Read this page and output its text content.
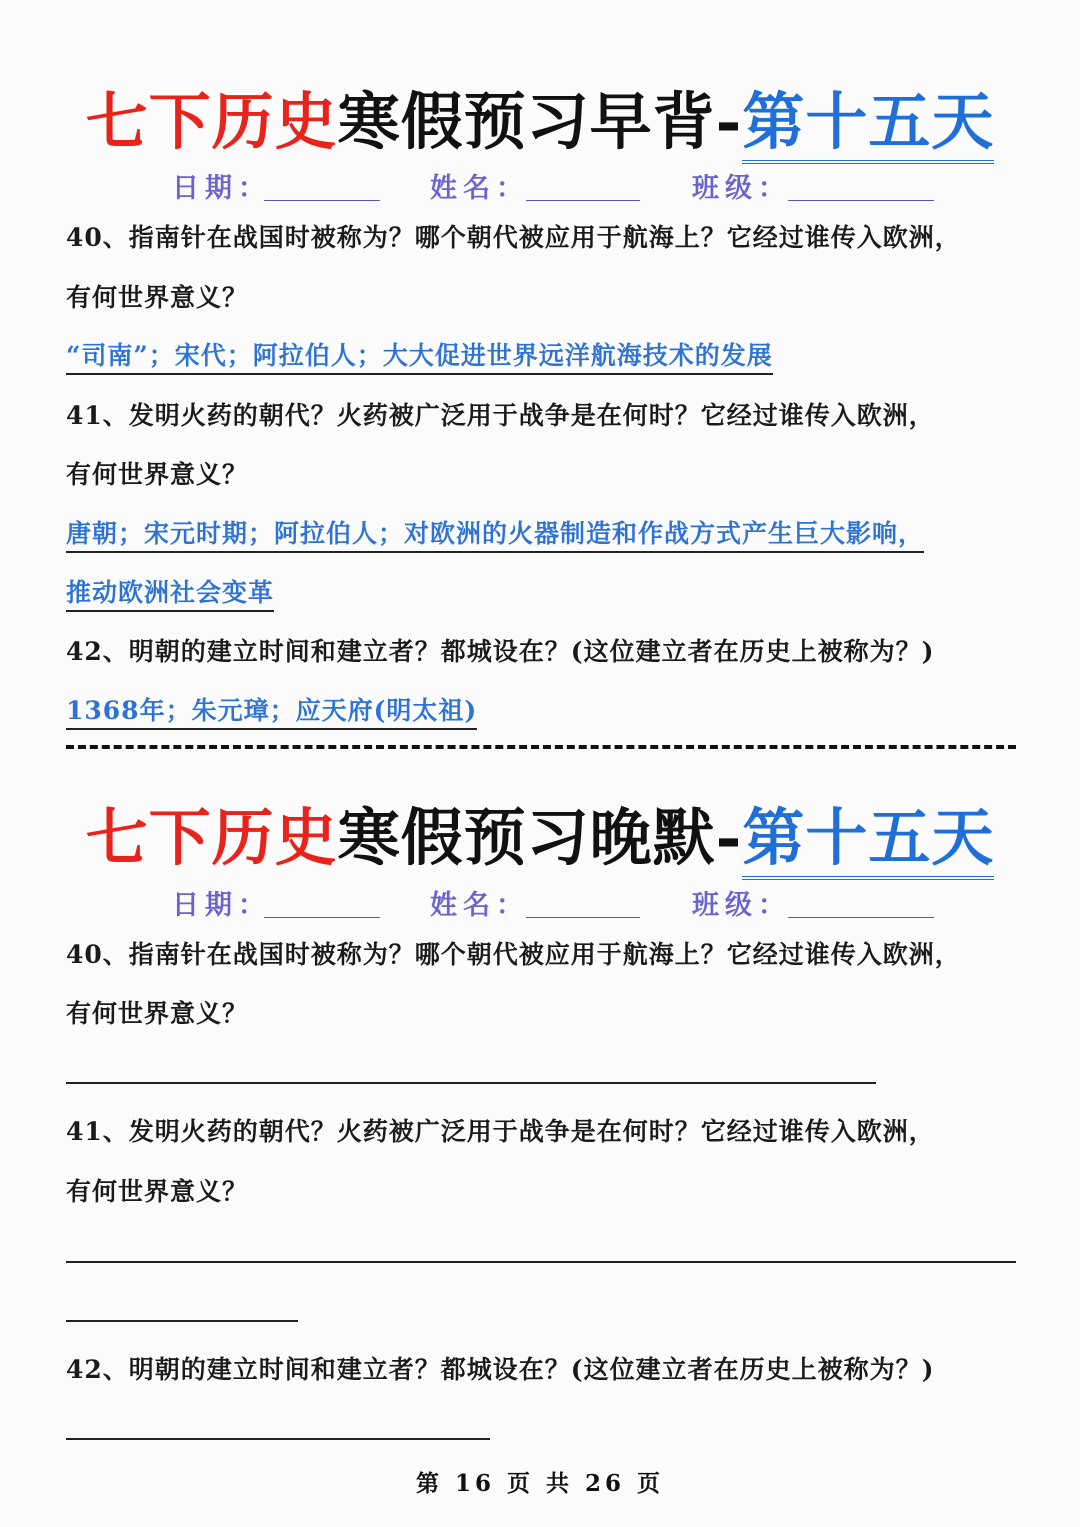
七下历史寒假预习早背-第十五天
日期：	姓名：	班级：
40、指南针在战国时被称为？哪个朝代被应用于航海上？它经过谁传入欧洲，
有何世界意义？
“司南”；宋代；阿拉伯人；大大促进世界远洋航海技术的发展
41、发明火药的朝代？火药被广泛用于战争是在何时？它经过谁传入欧洲，
有何世界意义？
唐朝；宋元时期；阿拉伯人；对欧洲的火器制造和作战方式产生巨大影响，
推动欧洲社会变革
42、明朝的建立时间和建立者？都城设在？(这位建立者在历史上被称为？)
1368年；朱元璋；应天府(明太祖)
七下历史寒假预习晚默-第十五天
日期：	姓名：	班级：
40、指南针在战国时被称为？哪个朝代被应用于航海上？它经过谁传入欧洲，
有何世界意义？
41、发明火药的朝代？火药被广泛用于战争是在何时？它经过谁传入欧洲，
有何世界意义？
42、明朝的建立时间和建立者？都城设在？(这位建立者在历史上被称为？)
第 16 页 共 26 页
